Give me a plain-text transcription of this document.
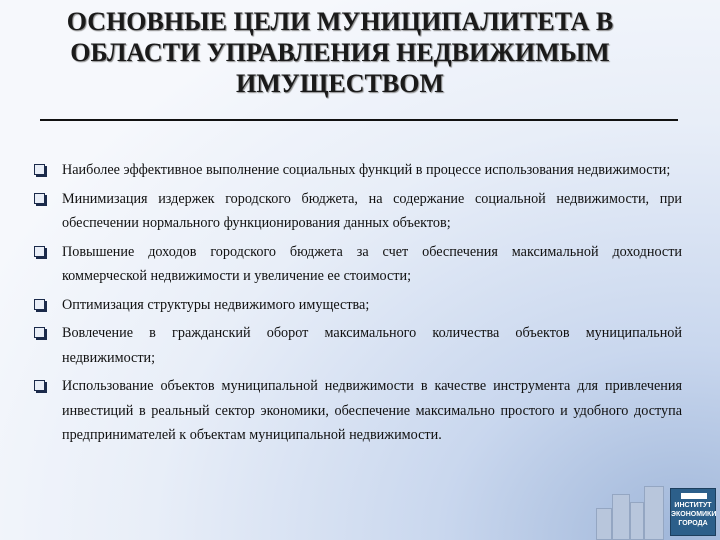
ОСНОВНЫЕ ЦЕЛИ МУНИЦИПАЛИТЕТА В
ОБЛАСТИ УПРАВЛЕНИЯ НЕДВИЖИМЫМ
ИМУЩЕСТВОМ
Наиболее эффективное выполнение социальных функций в процессе использования недвижимости;
Минимизация издержек городского бюджета, на содержание социальной недвижимости, при обеспечении нормального функционирования данных объектов;
Повышение доходов городского бюджета за счет обеспечения максимальной доходности коммерческой недвижимости и увеличение ее стоимости;
Оптимизация структуры недвижимого имущества;
Вовлечение в гражданский оборот максимального количества объектов муниципальной недвижимости;
Использование объектов муниципальной недвижимости в качестве инструмента для привлечения инвестиций в реальный сектор экономики, обеспечение максимально простого и удобного доступа предпринимателей к объектам муниципальной недвижимости.
ИНСТИТУТ ЭКОНОМИКИ ГОРОДА
